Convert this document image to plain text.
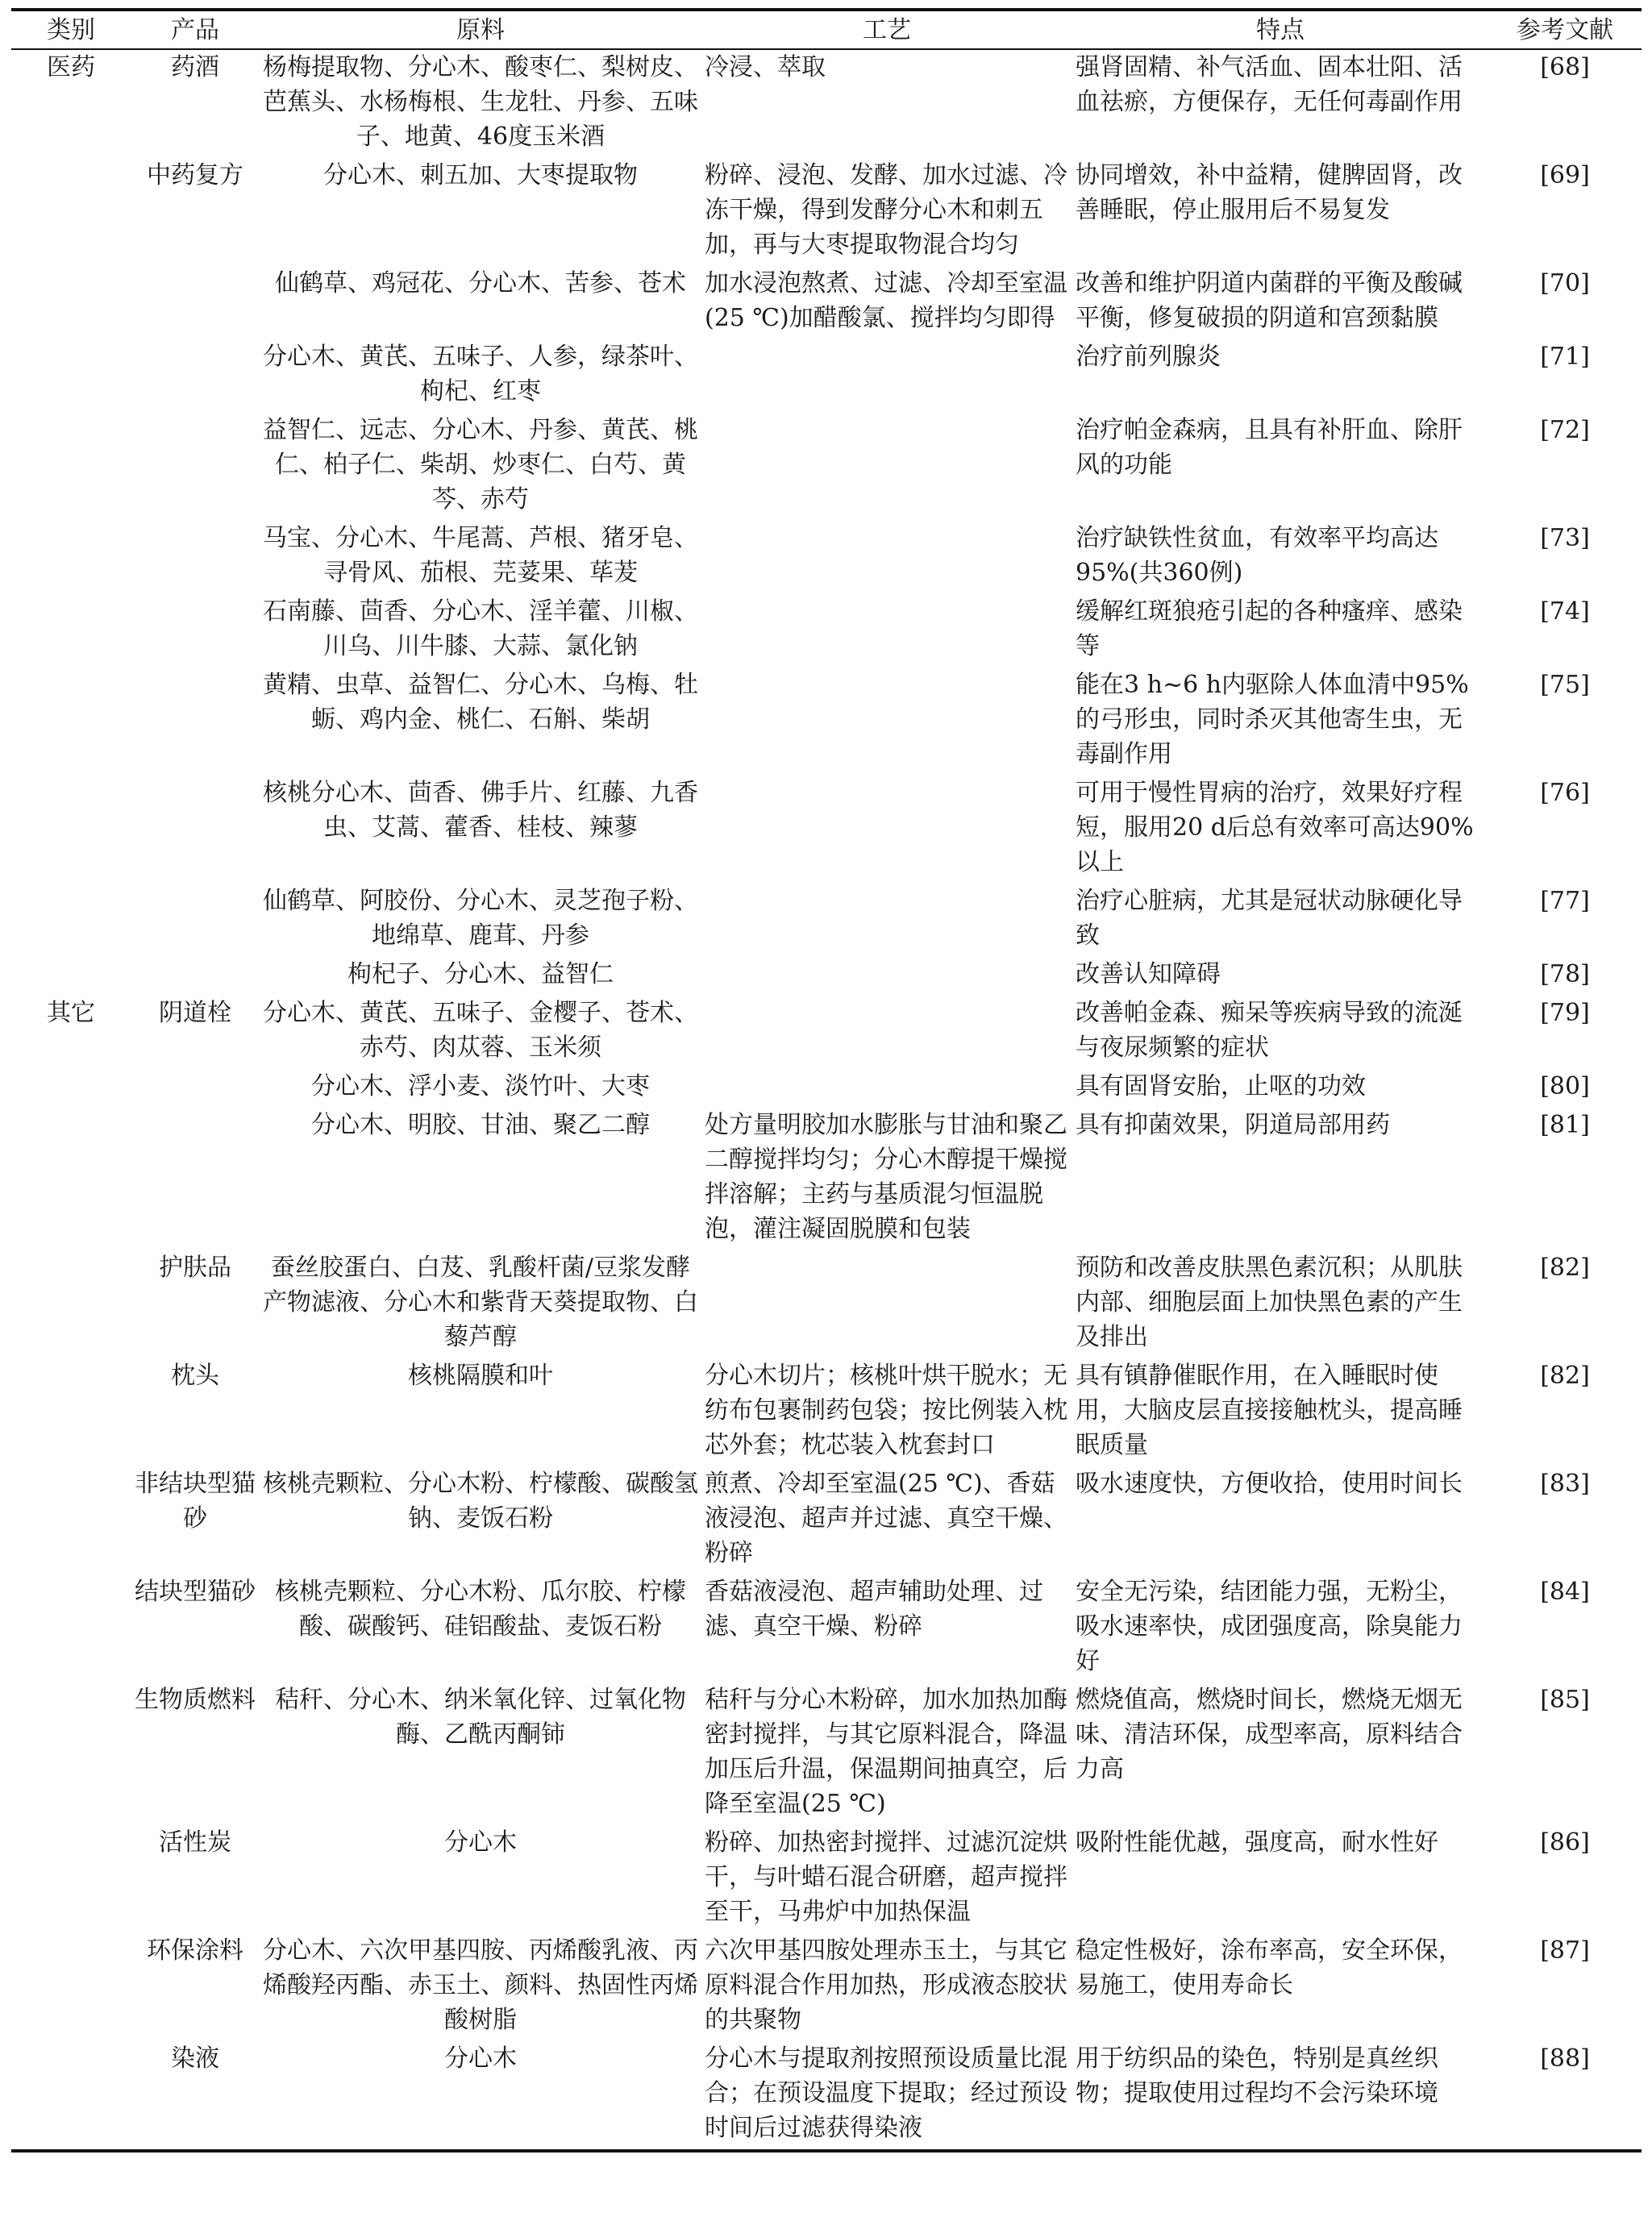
类别	产品	原料	工艺	特点	参考文献
医药	药酒	杨梅提取物、分心木、酸枣仁、梨树皮、芭蕉头、水杨梅根、生龙牡、丹参、五味子、地黄、46度玉米酒	冷浸、萃取	强肾固精、补气活血、固本壮阳、活血祛瘀，方便保存，无任何毒副作用	[68]
	中药复方	分心木、刺五加、大枣提取物	粉碎、浸泡、发酵、加水过滤、冷冻干燥，得到发酵分心木和刺五加，再与大枣提取物混合均匀	协同增效，补中益精，健脾固肾，改善睡眠，停止服用后不易复发	[69]
		仙鹤草、鸡冠花、分心木、苦参、苍术	加水浸泡熬煮、过滤、冷却至室温(25 ℃)加醋酸氯、搅拌均匀即得	改善和维护阴道内菌群的平衡及酸碱平衡，修复破损的阴道和宫颈黏膜	[70]
		分心木、黄芪、五味子、人参，绿茶叶、枸杞、红枣		治疗前列腺炎	[71]
		益智仁、远志、分心木、丹参、黄芪、桃仁、柏子仁、柴胡、炒枣仁、白芍、黄芩、赤芍		治疗帕金森病，且具有补肝血、除肝风的功能	[72]
		马宝、分心木、牛尾蒿、芦根、猪牙皂、寻骨风、茄根、芫荽果、荜茇		治疗缺铁性贫血，有效率平均高达95%(共360例)	[73]
		石南藤、茴香、分心木、淫羊藿、川椒、川乌、川牛膝、大蒜、氯化钠		缓解红斑狼疮引起的各种瘙痒、感染等	[74]
		黄精、虫草、益智仁、分心木、乌梅、牡蛎、鸡内金、桃仁、石斛、柴胡		能在3 h~6 h内驱除人体血清中95%的弓形虫，同时杀灭其他寄生虫，无毒副作用	[75]
		核桃分心木、茴香、佛手片、红藤、九香虫、艾蒿、藿香、桂枝、辣蓼		可用于慢性胃病的治疗，效果好疗程短，服用20 d后总有效率可高达90%以上	[76]
		仙鹤草、阿胶份、分心木、灵芝孢子粉、地绵草、鹿茸、丹参		治疗心脏病，尤其是冠状动脉硬化导致	[77]
		枸杞子、分心木、益智仁		改善认知障碍	[78]
其它	阴道栓	分心木、黄芪、五味子、金樱子、苍术、赤芍、肉苁蓉、玉米须		改善帕金森、痴呆等疾病导致的流涎与夜尿频繁的症状	[79]
		分心木、浮小麦、淡竹叶、大枣		具有固肾安胎，止呕的功效	[80]
		分心木、明胶、甘油、聚乙二醇	处方量明胶加水膨胀与甘油和聚乙二醇搅拌均匀；分心木醇提干燥搅拌溶解；主药与基质混匀恒温脱泡，灌注凝固脱膜和包装	具有抑菌效果，阴道局部用药	[81]
	护肤品	蚕丝胶蛋白、白芨、乳酸杆菌/豆浆发酵产物滤液、分心木和紫背天葵提取物、白藜芦醇		预防和改善皮肤黑色素沉积；从肌肤内部、细胞层面上加快黑色素的产生及排出	[82]
	枕头	核桃隔膜和叶	分心木切片；核桃叶烘干脱水；无纺布包裹制药包袋；按比例装入枕芯外套；枕芯装入枕套封口	具有镇静催眠作用，在入睡眠时使用，大脑皮层直接接触枕头，提高睡眠质量	[82]
	非结块型猫砂	核桃壳颗粒、分心木粉、柠檬酸、碳酸氢钠、麦饭石粉	煎煮、冷却至室温(25 ℃)、香菇液浸泡、超声并过滤、真空干燥、粉碎	吸水速度快，方便收拾，使用时间长	[83]
	结块型猫砂	核桃壳颗粒、分心木粉、瓜尔胶、柠檬酸、碳酸钙、硅铝酸盐、麦饭石粉	香菇液浸泡、超声辅助处理、过滤、真空干燥、粉碎	安全无污染，结团能力强，无粉尘，吸水速率快，成团强度高，除臭能力好	[84]
	生物质燃料	秸秆、分心木、纳米氧化锌、过氧化物酶、乙酰丙酮铈	秸秆与分心木粉碎，加水加热加酶密封搅拌，与其它原料混合，降温加压后升温，保温期间抽真空，后降至室温(25 ℃)	燃烧值高，燃烧时间长，燃烧无烟无味、清洁环保，成型率高，原料结合力高	[85]
	活性炭	分心木	粉碎、加热密封搅拌、过滤沉淀烘干，与叶蜡石混合研磨，超声搅拌至干，马弗炉中加热保温	吸附性能优越，强度高，耐水性好	[86]
	环保涂料	分心木、六次甲基四胺、丙烯酸乳液、丙烯酸羟丙酯、赤玉土、颜料、热固性丙烯酸树脂	六次甲基四胺处理赤玉土，与其它原料混合作用加热，形成液态胶状的共聚物	稳定性极好，涂布率高，安全环保，易施工，使用寿命长	[87]
	染液	分心木	分心木与提取剂按照预设质量比混合；在预设温度下提取；经过预设时间后过滤获得染液	用于纺织品的染色，特别是真丝织物；提取使用过程均不会污染环境	[88]
